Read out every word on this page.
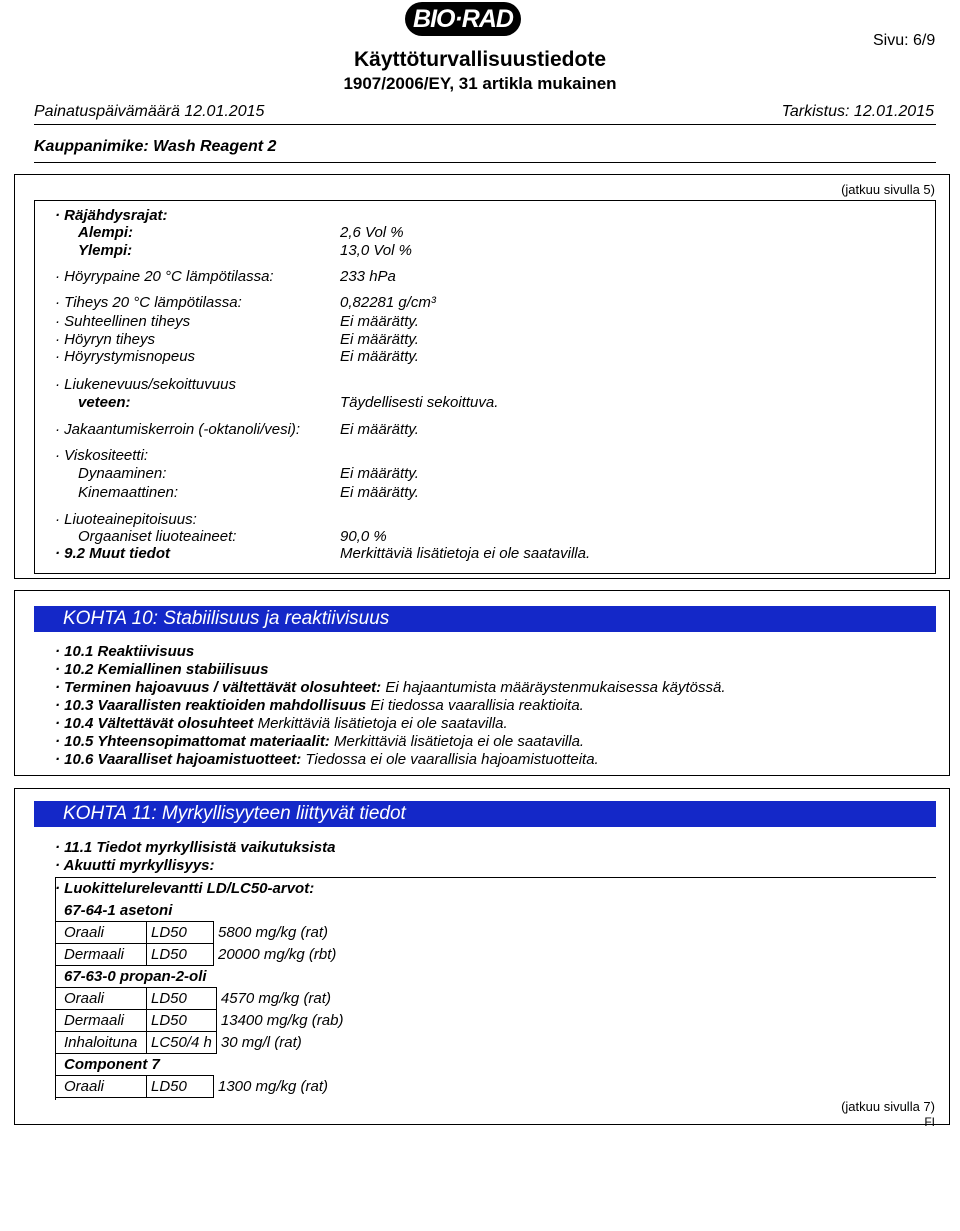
BIO·RAD
Sivu: 6/9
Käyttöturvallisuustiedote
1907/2006/EY, 31 artikla mukainen
Painatuspäivämäärä 12.01.2015	Tarkistus: 12.01.2015
Kauppanimike: Wash Reagent 2
(jatkuu sivulla 5)
· Räjähdysrajat:
Alempi:	2,6 Vol %
Ylempi:	13,0 Vol %
· Höyrypaine 20 °C lämpötilassa:	233 hPa
· Tiheys 20 °C lämpötilassa:	0,82281 g/cm³
· Suhteellinen tiheys	Ei määrätty.
· Höyryn tiheys	Ei määrätty.
· Höyrystymisnopeus	Ei määrätty.
· Liukenevuus/sekoittuvuus
veteen:	Täydellisesti sekoittuva.
· Jakaantumiskerroin (-oktanoli/vesi):	Ei määrätty.
· Viskositeetti:
Dynaaminen:	Ei määrätty.
Kinemaattinen:	Ei määrätty.
· Liuoteainepitoisuus:
Orgaaniset liuoteaineet:	90,0 %
· 9.2 Muut tiedot	Merkittäviä lisätietoja ei ole saatavilla.
KOHTA 10: Stabiilisuus ja reaktiivisuus
· 10.1 Reaktiivisuus
· 10.2 Kemiallinen stabiilisuus
· Terminen hajoavuus / vältettävät olosuhteet: Ei hajaantumista määräystenmukaisessa käytössä.
· 10.3 Vaarallisten reaktioiden mahdollisuus Ei tiedossa vaarallisia reaktioita.
· 10.4 Vältettävät olosuhteet Merkittäviä lisätietoja ei ole saatavilla.
· 10.5 Yhteensopimattomat materiaalit: Merkittäviä lisätietoja ei ole saatavilla.
· 10.6 Vaaralliset hajoamistuotteet: Tiedossa ei ole vaarallisia hajoamistuotteita.
KOHTA 11: Myrkyllisyyteen liittyvät tiedot
· 11.1 Tiedot myrkyllisistä vaikutuksista
· Akuutti myrkyllisyys:
· Luokittelurelevantti LD/LC50-arvot:
67-64-1 asetoni
Oraali	LD50	5800 mg/kg (rat)
Dermaali	LD50	20000 mg/kg (rbt)
67-63-0 propan-2-oli
Oraali	LD50	4570 mg/kg (rat)
Dermaali	LD50	13400 mg/kg (rab)
Inhaloituna	LC50/4 h	30 mg/l (rat)
Component 7
Oraali	LD50	1300 mg/kg (rat)
(jatkuu sivulla 7)
FI
